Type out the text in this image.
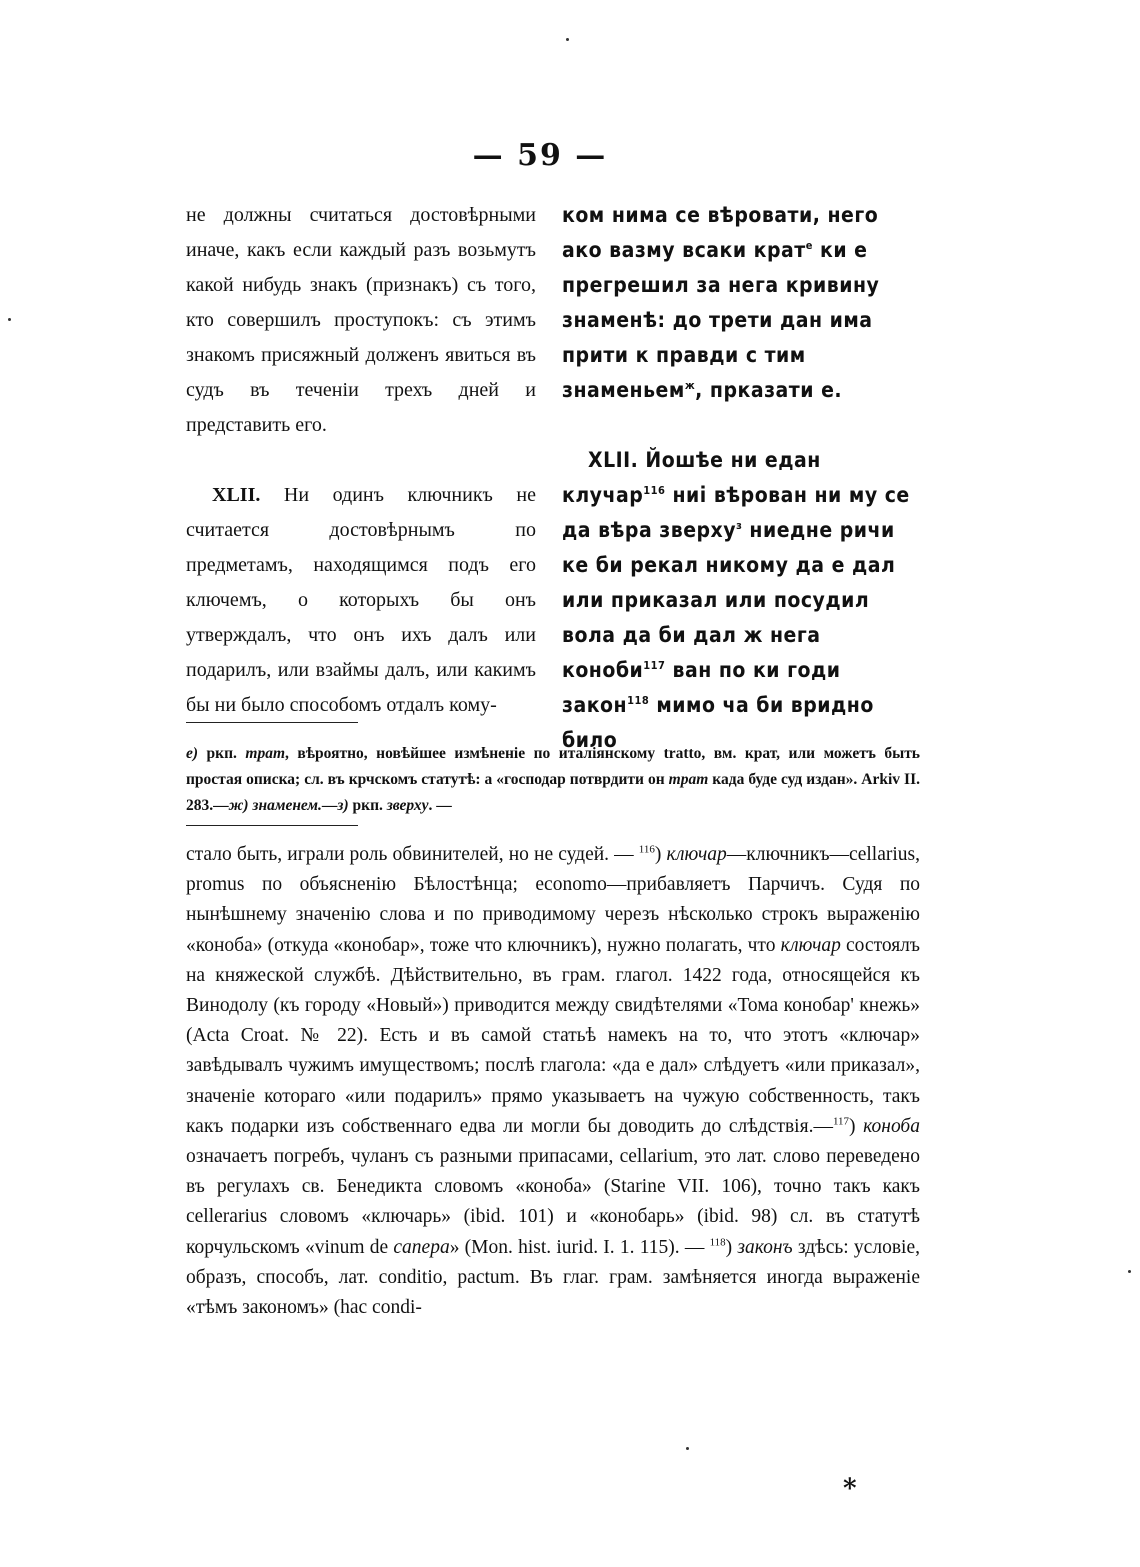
— 59 —

не должны считаться достовѣрными иначе, какъ если каждый разъ возьмутъ какой нибудь знакъ (признакъ) съ того, кто совершилъ проступокъ: съ этимъ знакомъ присяжный долженъ явиться въ судъ въ теченіи трехъ дней и представить его.

XLII. Ни одинъ ключникъ не считается достовѣрнымъ по предметамъ, находящимся подъ его ключемъ, о которыхъ бы онъ утверждалъ, что онъ ихъ далъ или подарилъ, или взаймы далъ, или какимъ бы ни было способомъ отдалъ кому-

ком нима се вѣровати, него ако вазму всаки крат$^е$ ки е прегрешил за нега кривину знаменѣ: до трети дан има прити к правди с тим знаменьем$^ж$, прказати е.

XLII. Йошѣе ни едан клучар$^{116}$ ниі вѣрован ни му се да вѣра зверху$^з$ ниедне ричи ке би рекал никому да е дал или приказал или посудил вола да би дал ж нега коноби$^{117}$ ван по ки годи закон$^{118}$ мимо ча би вридно било

е) ркп. трат, вѣроятно, новѣйшее измѣненіе по италіянскому tratto, вм. крат, или можетъ быть простая описка; сл. въ крчскомъ статутѣ: а «господар потврдити он трат када буде суд издан». Arkiv II. 283.—ж) знаменем.—з) ркп. зверху. —

стало быть, играли роль обвинителей, но не судей. — $^{116}$) ключар—ключникъ—cellarius, promus по объясненію Бѣлостѣнца; economo—прибавляетъ Парчичъ. Судя по нынѣшнему значенію слова и по приводимому черезъ нѣсколько строкъ выраженію «коноба» (откуда «конобар», тоже что ключникъ), нужно полагать, что ключар состоялъ на княжеской службѣ. Дѣйствительно, въ грам. глагол. 1422 года, относящейся къ Винодолу (къ городу «Новый») приводится между свидѣтелями «Тома конобар' кнежь» (Acta Croat. № 22). Есть и въ самой статьѣ намекъ на то, что этотъ «ключар» завѣдывалъ чужимъ имуществомъ; послѣ глагола: «да е дал» слѣдуетъ «или приказал», значеніе котораго «или подарилъ» прямо указываетъ на чужую собственность, такъ какъ подарки изъ собственнаго едва ли могли бы доводить до слѣдствія.—$^{117}$) коноба означаетъ погребъ, чуланъ съ разными припасами, cellarium, это лат. слово переведено въ регулахъ св. Бенедикта словомъ «коноба» (Starine VII. 106), точно такъ какъ cellerarius словомъ «ключарь» (ibid. 101) и «конобарь» (ibid. 98) сл. въ статутѣ корчульскомъ «vinum de canepa» (Mon. hist. iurid. I. 1. 115). — $^{118}$) законъ здѣсь: условіе, образъ, способъ, лат. conditio, pactum. Въ глаг. грам. замѣняется иногда выраженіе «тѣмъ закономъ» (hac condi-

*
